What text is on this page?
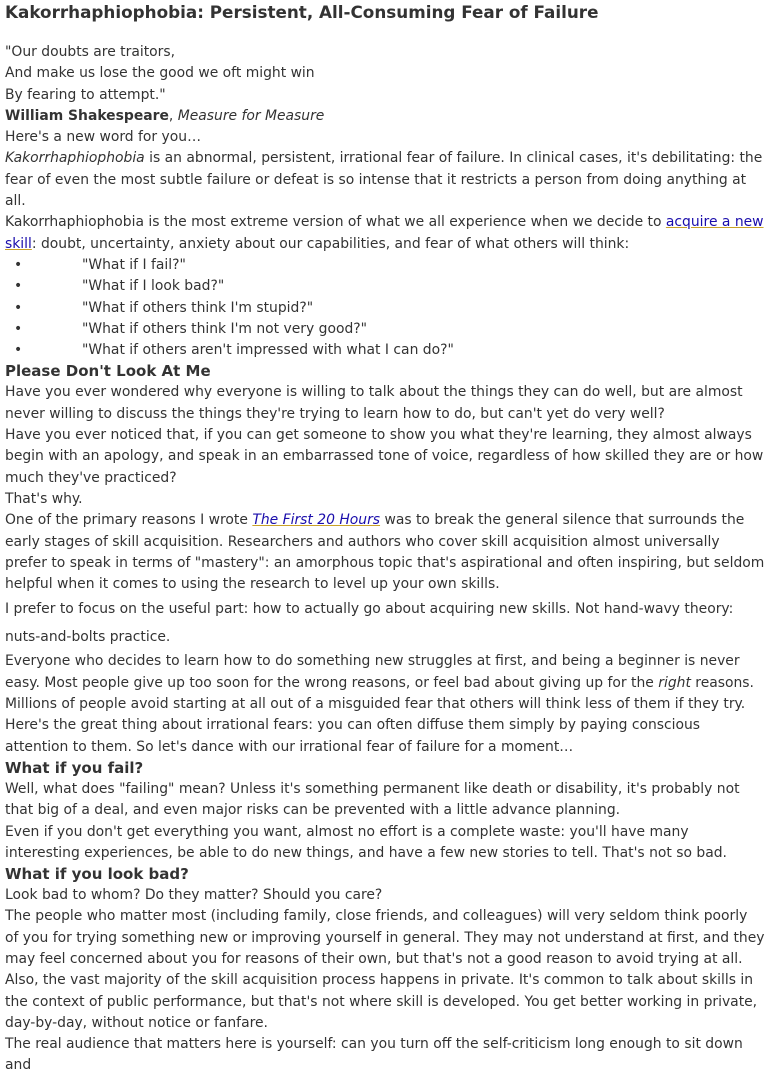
Kakorrhaphiophobia: Persistent, All-Consuming Fear of Failure

"Our doubts are traitors,

And make us lose the good we oft might win

By fearing to attempt."

William Shakespeare, Measure for Measure

Here's a new word for you…

Kakorrhaphiophobia is an abnormal, persistent, irrational fear of failure. In clinical cases, it's debilitating: the fear of even the most subtle failure or defeat is so intense that it restricts a person from doing anything at all.

Kakorrhaphiophobia is the most extreme version of what we all experience when we decide to acquire a new skill: doubt, uncertainty, anxiety about our capabilities, and fear of what others will think:

• "What if I fail?"
• "What if I look bad?"
• "What if others think I'm stupid?"
• "What if others think I'm not very good?"
• "What if others aren't impressed with what I can do?"
Please Don't Look At Me

Have you ever wondered why everyone is willing to talk about the things they can do well, but are almost never willing to discuss the things they're trying to learn how to do, but can't yet do very well?

Have you ever noticed that, if you can get someone to show you what they're learning, they almost always begin with an apology, and speak in an embarrassed tone of voice, regardless of how skilled they are or how much they've practiced?

That's why.

One of the primary reasons I wrote The First 20 Hours was to break the general silence that surrounds the early stages of skill acquisition. Researchers and authors who cover skill acquisition almost universally prefer to speak in terms of "mastery": an amorphous topic that's aspirational and often inspiring, but seldom helpful when it comes to using the research to level up your own skills.

I prefer to focus on the useful part: how to actually go about acquiring new skills. Not hand-wavy theory: nuts-and-bolts practice.

Everyone who decides to learn how to do something new struggles at first, and being a beginner is never easy. Most people give up too soon for the wrong reasons, or feel bad about giving up for the right reasons. Millions of people avoid starting at all out of a misguided fear that others will think less of them if they try.

Here's the great thing about irrational fears: you can often diffuse them simply by paying conscious attention to them. So let's dance with our irrational fear of failure for a moment…

What if you fail?

Well, what does "failing" mean? Unless it's something permanent like death or disability, it's probably not that big of a deal, and even major risks can be prevented with a little advance planning.

Even if you don't get everything you want, almost no effort is a complete waste: you'll have many interesting experiences, be able to do new things, and have a few new stories to tell. That's not so bad.

What if you look bad?

Look bad to whom? Do they matter? Should you care?

The people who matter most (including family, close friends, and colleagues) will very seldom think poorly of you for trying something new or improving yourself in general. They may not understand at first, and they may feel concerned about you for reasons of their own, but that's not a good reason to avoid trying at all.

Also, the vast majority of the skill acquisition process happens in private. It's common to talk about skills in the context of public performance, but that's not where skill is developed. You get better working in private, day-by-day, without notice or fanfare.

The real audience that matters here is yourself: can you turn off the self-criticism long enough to sit down and
